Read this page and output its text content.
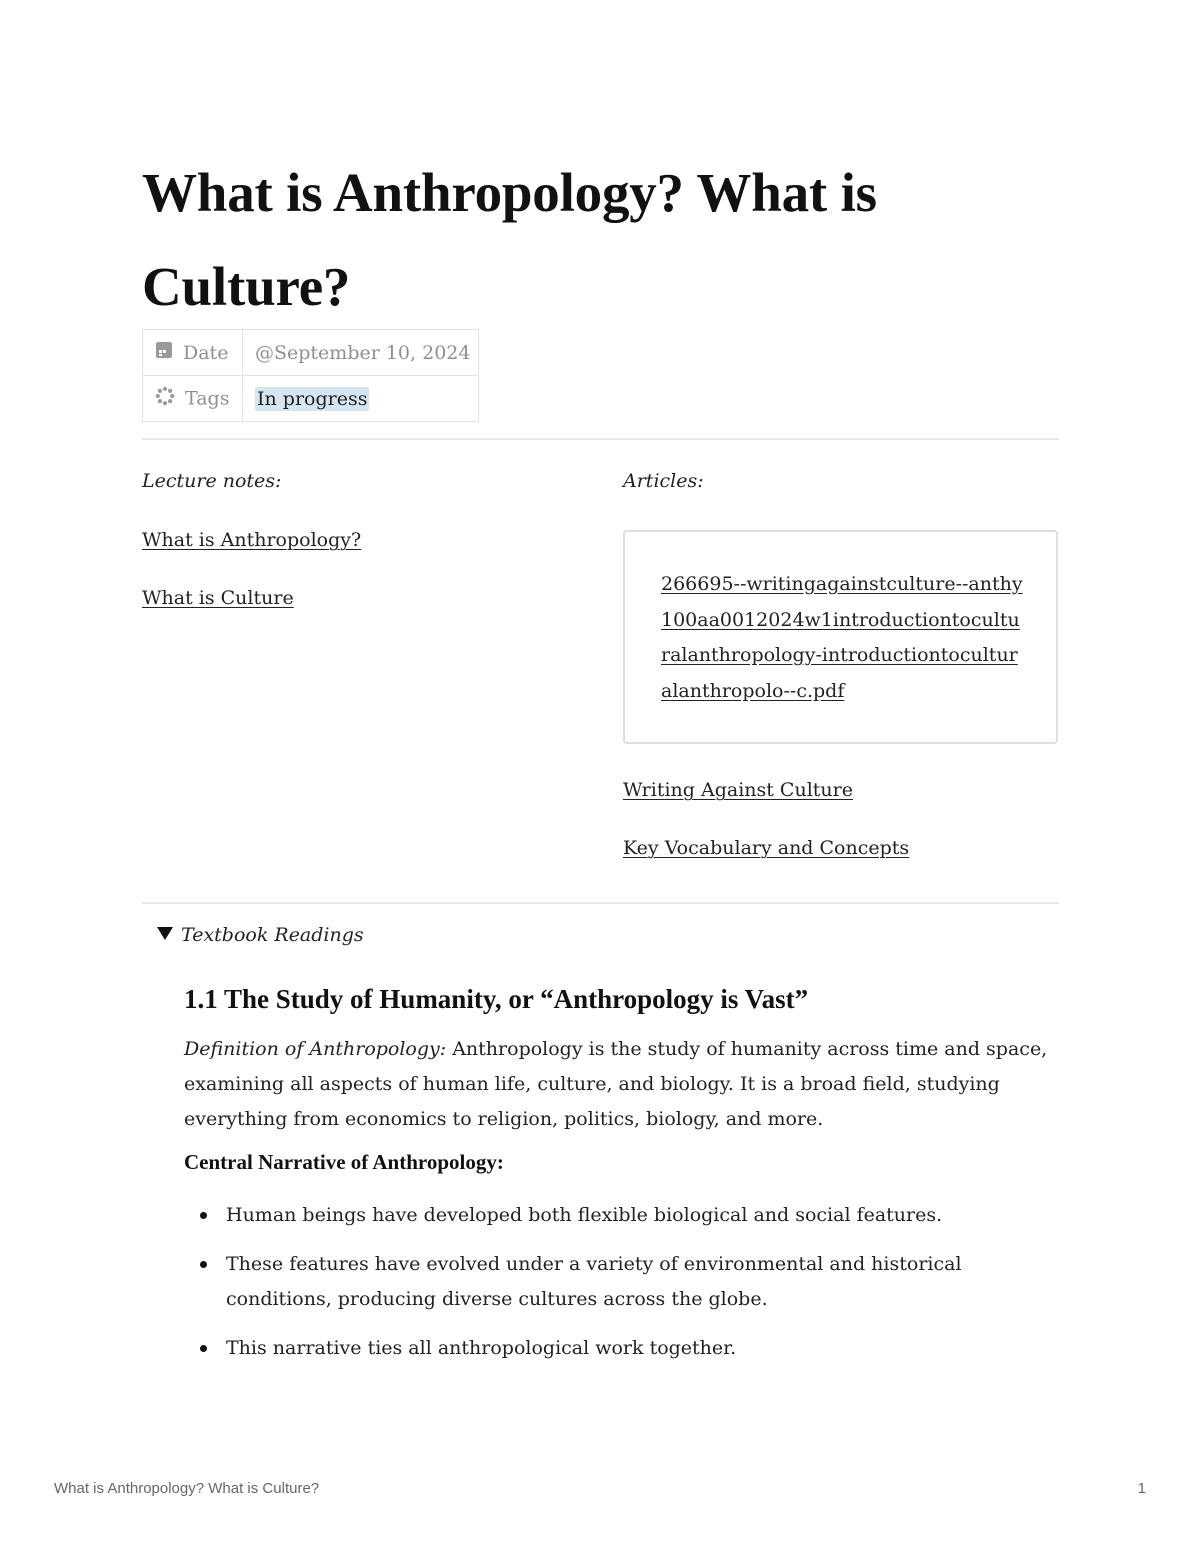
What is Anthropology? What is Culture?
Date	@September 10, 2024
Tags	In progress
Lecture notes:
What is Anthropology?
What is Culture
Articles:
266695--writingagainstculture--anthy100aa0012024w1introductiontoculturalanthropology-introductiontoculturalanthropolo--c.pdf
Writing Against Culture
Key Vocabulary and Concepts
Textbook Readings
1.1 The Study of Humanity, or “Anthropology is Vast”

Definition of Anthropology: Anthropology is the study of humanity across time and space, examining all aspects of human life, culture, and biology. It is a broad field, studying everything from economics to religion, politics, biology, and more.

Central Narrative of Anthropology:
Human beings have developed both flexible biological and social features.
These features have evolved under a variety of environmental and historical conditions, producing diverse cultures across the globe.
This narrative ties all anthropological work together.
What is Anthropology? What is Culture?	1
